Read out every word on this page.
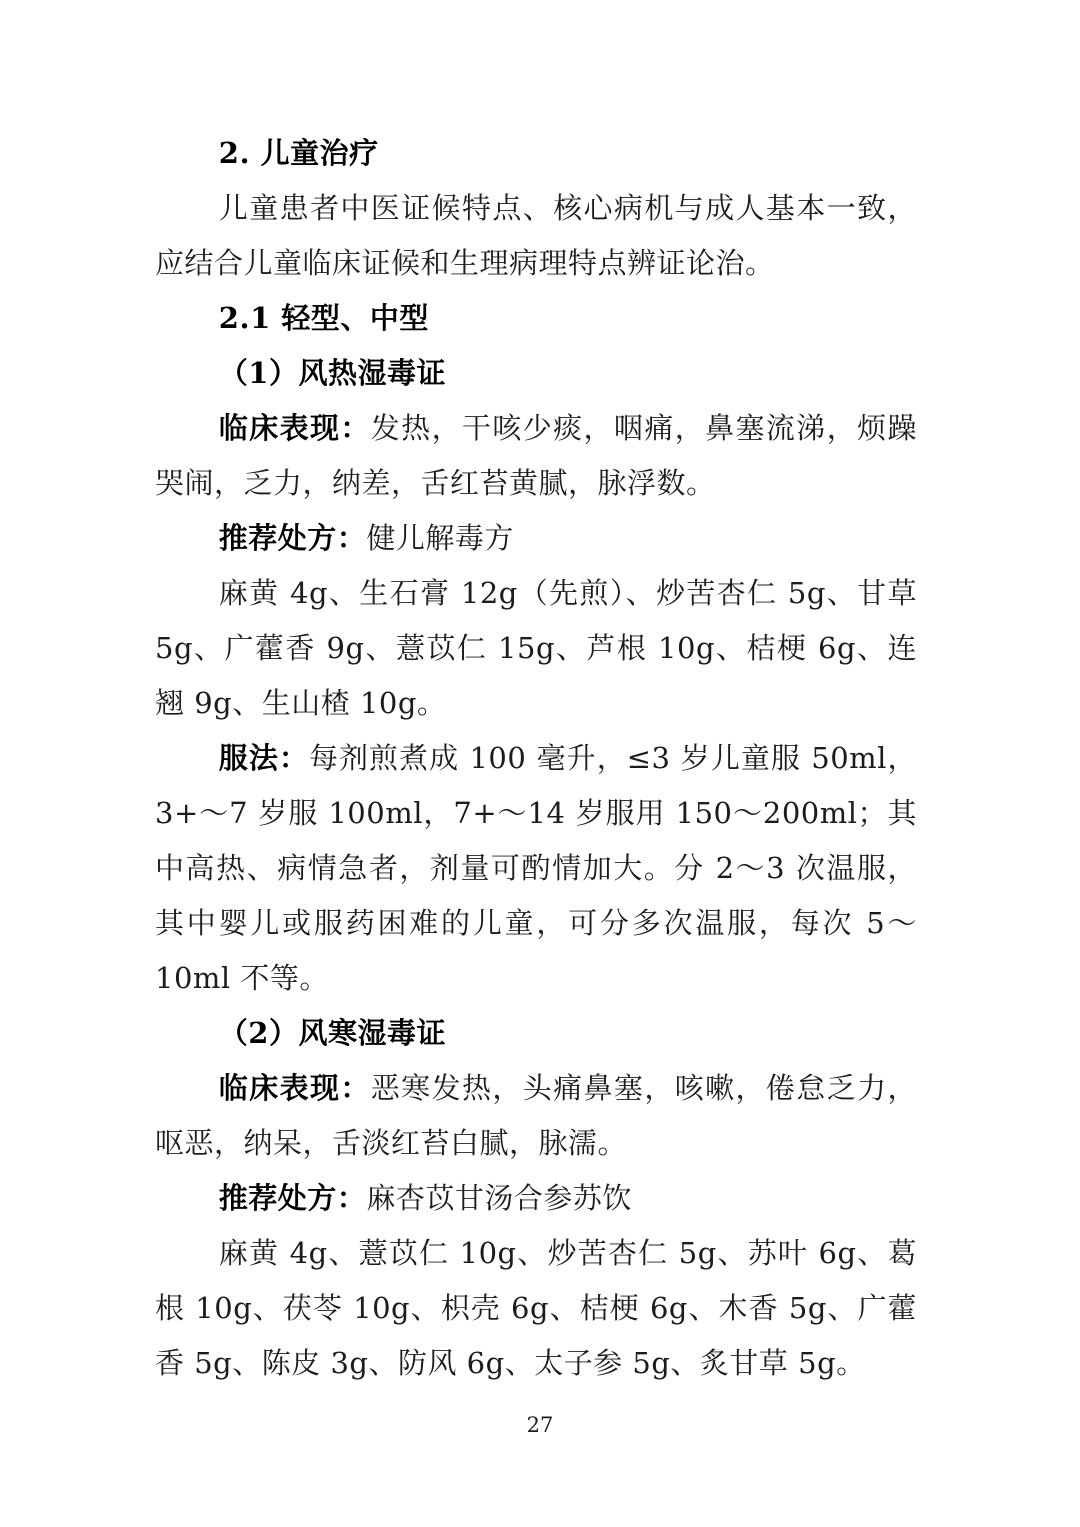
2. 儿童治疗

儿童患者中医证候特点、核心病机与成人基本一致，应结合儿童临床证候和生理病理特点辨证论治。

2.1 轻型、中型

（1）风热湿毒证

临床表现：发热，干咳少痰，咽痛，鼻塞流涕，烦躁哭闹，乏力，纳差，舌红苔黄腻，脉浮数。

推荐处方：健儿解毒方

麻黄 4g、生石膏 12g（先煎）、炒苦杏仁 5g、甘草 5g、广藿香 9g、薏苡仁 15g、芦根 10g、桔梗 6g、连翘 9g、生山楂 10g。

服法：每剂煎煮成 100 毫升，≤3 岁儿童服 50ml，3+～7 岁服 100ml，7+～14 岁服用 150～200ml；其中高热、病情急者，剂量可酌情加大。分 2～3 次温服，其中婴儿或服药困难的儿童，可分多次温服，每次 5～10ml 不等。

（2）风寒湿毒证

临床表现：恶寒发热，头痛鼻塞，咳嗽，倦怠乏力，呕恶，纳呆，舌淡红苔白腻，脉濡。

推荐处方：麻杏苡甘汤合参苏饮

麻黄 4g、薏苡仁 10g、炒苦杏仁 5g、苏叶 6g、葛根 10g、茯苓 10g、枳壳 6g、桔梗 6g、木香 5g、广藿香 5g、陈皮 3g、防风 6g、太子参 5g、炙甘草 5g。

27
